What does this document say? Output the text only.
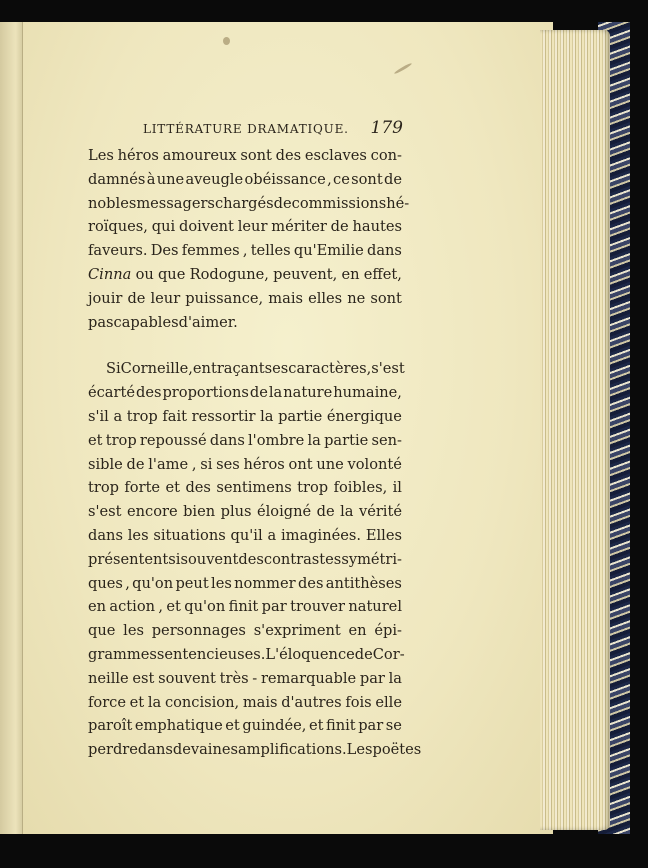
LITTÉRATURE DRAMATIQUE. 179
Les héros amoureux sont des esclaves con-
damnés à une aveugle obéissance , ce sont de
nobles messagers chargés de commissions hé-
roïques, qui doivent leur mériter de hautes
faveurs. Des femmes , telles qu'Emilie dans
Cinna ou que Rodogune, peuvent, en effet,
jouir de leur puissance, mais elles ne sont
pas capables d'aimer.
Si Corneille, en traçant ses caractères, s'est
écarté des proportions de la nature humaine,
s'il a trop fait ressortir la partie énergique
et trop repoussé dans l'ombre la partie sen-
sible de l'ame , si ses héros ont une volonté
trop forte et des sentimens trop foibles, il
s'est encore bien plus éloigné de la vérité
dans les situations qu'il a imaginées. Elles
présentent si souvent des contrastes symétri-
ques , qu'on peut les nommer des antithèses
en action , et qu'on finit par trouver naturel
que les personnages s'expriment en épi-
grammes sentencieuses. L'éloquence de Cor-
neille est souvent très - remarquable par la
force et la concision, mais d'autres fois elle
paroît emphatique et guindée, et finit par se
perdre dans de vaines amplifications. Les poëtes
